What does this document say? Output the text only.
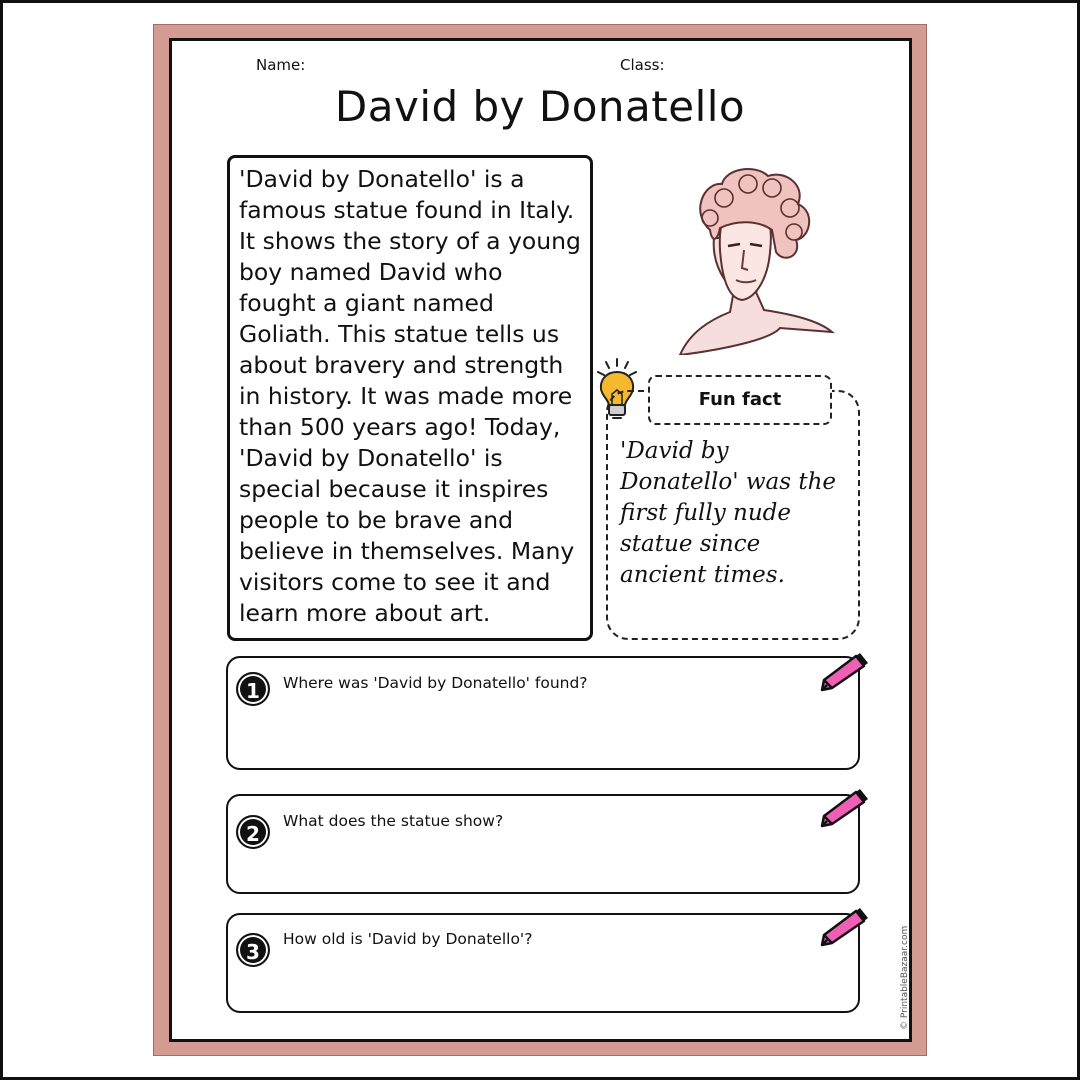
Name:	Class:
David by Donatello

'David by Donatello' is a famous statue found in Italy. It shows the story of a young boy named David who fought a giant named Goliath. This statue tells us about bravery and strength in history. It was made more than 500 years ago! Today, 'David by Donatello' is special because it inspires people to be brave and believe in themselves. Many visitors come to see it and learn more about art.

'David by Donatello' was the first fully nude statue since ancient times.

Fun fact
1	Where was 'David by Donatello' found?
2
What does the statue show?
3
How old is 'David by Donatello'?	© PrintableBazaar.com
